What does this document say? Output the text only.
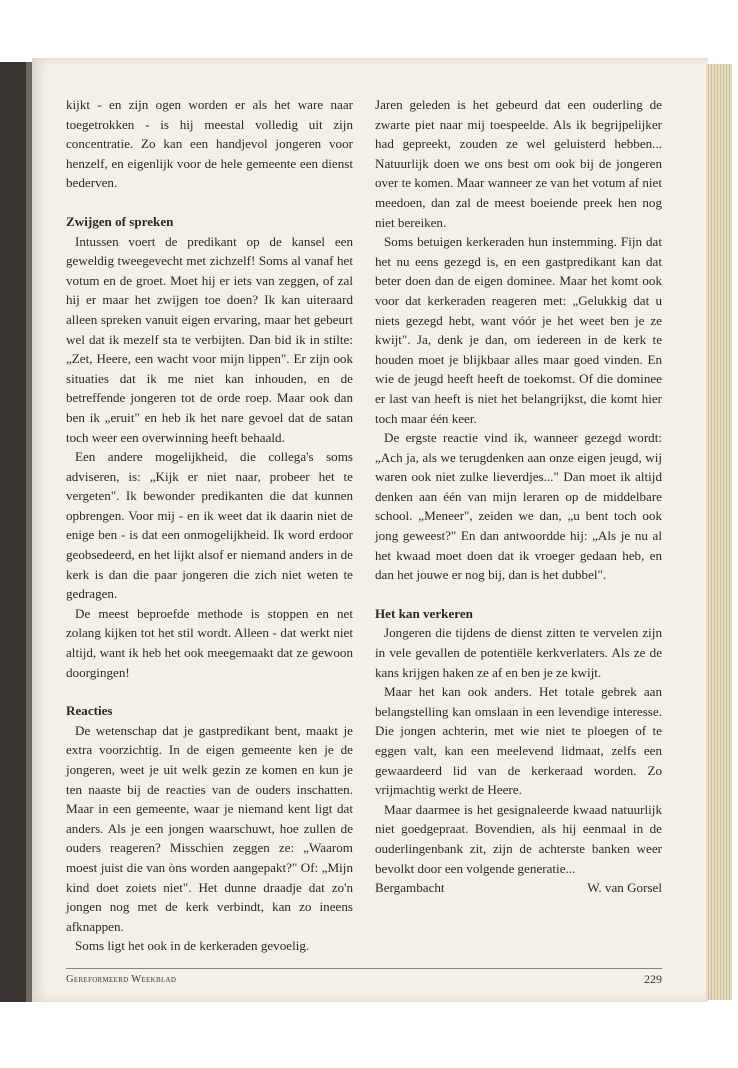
kijkt - en zijn ogen worden er als het ware naar toegetrokken - is hij meestal volledig uit zijn concentratie. Zo kan een handjevol jongeren voor henzelf, en eigenlijk voor de hele gemeente een dienst bederven.

Zwijgen of spreken

Intussen voert de predikant op de kansel een geweldig tweegevecht met zichzelf! Soms al vanaf het votum en de groet. Moet hij er iets van zeggen, of zal hij er maar het zwijgen toe doen? Ik kan uiteraard alleen spreken vanuit eigen ervaring, maar het gebeurt wel dat ik mezelf sta te verbijten. Dan bid ik in stilte: „Zet, Heere, een wacht voor mijn lippen". Er zijn ook situaties dat ik me niet kan inhouden, en de betreffende jongeren tot de orde roep. Maar ook dan ben ik „eruit" en heb ik het nare gevoel dat de satan toch weer een overwinning heeft behaald.

Een andere mogelijkheid, die collega's soms adviseren, is: „Kijk er niet naar, probeer het te vergeten". Ik bewonder predikanten die dat kunnen opbrengen. Voor mij - en ik weet dat ik daarin niet de enige ben - is dat een onmogelijkheid. Ik word erdoor geobsedeerd, en het lijkt alsof er niemand anders in de kerk is dan die paar jongeren die zich niet weten te gedragen.

De meest beproefde methode is stoppen en net zolang kijken tot het stil wordt. Alleen - dat werkt niet altijd, want ik heb het ook meegemaakt dat ze gewoon doorgingen!

Reacties

De wetenschap dat je gastpredikant bent, maakt je extra voorzichtig. In de eigen gemeente ken je de jongeren, weet je uit welk gezin ze komen en kun je ten naaste bij de reacties van de ouders inschatten. Maar in een gemeente, waar je niemand kent ligt dat anders. Als je een jongen waarschuwt, hoe zullen de ouders reageren? Misschien zeggen ze: „Waarom moest juist die van òns worden aangepakt?" Of: „Mijn kind doet zoiets niet". Het dunne draadje dat zo'n jongen nog met de kerk verbindt, kan zo ineens afknappen.

Soms ligt het ook in de kerkeraden gevoelig.

Jaren geleden is het gebeurd dat een ouderling de zwarte piet naar mij toespeelde. Als ik begrijpelijker had gepreekt, zouden ze wel geluisterd hebben... Natuurlijk doen we ons best om ook bij de jongeren over te komen. Maar wanneer ze van het votum af niet meedoen, dan zal de meest boeiende preek hen nog niet bereiken.

Soms betuigen kerkeraden hun instemming. Fijn dat het nu eens gezegd is, en een gastpredikant kan dat beter doen dan de eigen dominee. Maar het komt ook voor dat kerkeraden reageren met: „Gelukkig dat u niets gezegd hebt, want vóór je het weet ben je ze kwijt". Ja, denk je dan, om iedereen in de kerk te houden moet je blijkbaar alles maar goed vinden. En wie de jeugd heeft heeft de toekomst. Of die dominee er last van heeft is niet het belangrijkst, die komt hier toch maar één keer.

De ergste reactie vind ik, wanneer gezegd wordt: „Ach ja, als we terugdenken aan onze eigen jeugd, wij waren ook niet zulke lieverdjes..." Dan moet ik altijd denken aan één van mijn leraren op de middelbare school. „Meneer", zeiden we dan, „u bent toch ook jong geweest?" En dan antwoordde hij: „Als je nu al het kwaad moet doen dat ik vroeger gedaan heb, en dan het jouwe er nog bij, dan is het dubbel".

Het kan verkeren

Jongeren die tijdens de dienst zitten te vervelen zijn in vele gevallen de potentiële kerkverlaters. Als ze de kans krijgen haken ze af en ben je ze kwijt.

Maar het kan ook anders. Het totale gebrek aan belangstelling kan omslaan in een levendige interesse. Die jongen achterin, met wie niet te ploegen of te eggen valt, kan een meelevend lidmaat, zelfs een gewaardeerd lid van de kerkeraad worden. Zo vrijmachtig werkt de Heere.

Maar daarmee is het gesignaleerde kwaad natuurlijk niet goedgepraat. Bovendien, als hij eenmaal in de ouderlingenbank zit, zijn de achterste banken weer bevolkt door een volgende generatie...

Bergambacht	W. van Gorsel
Gereformeerd Weekblad	229
